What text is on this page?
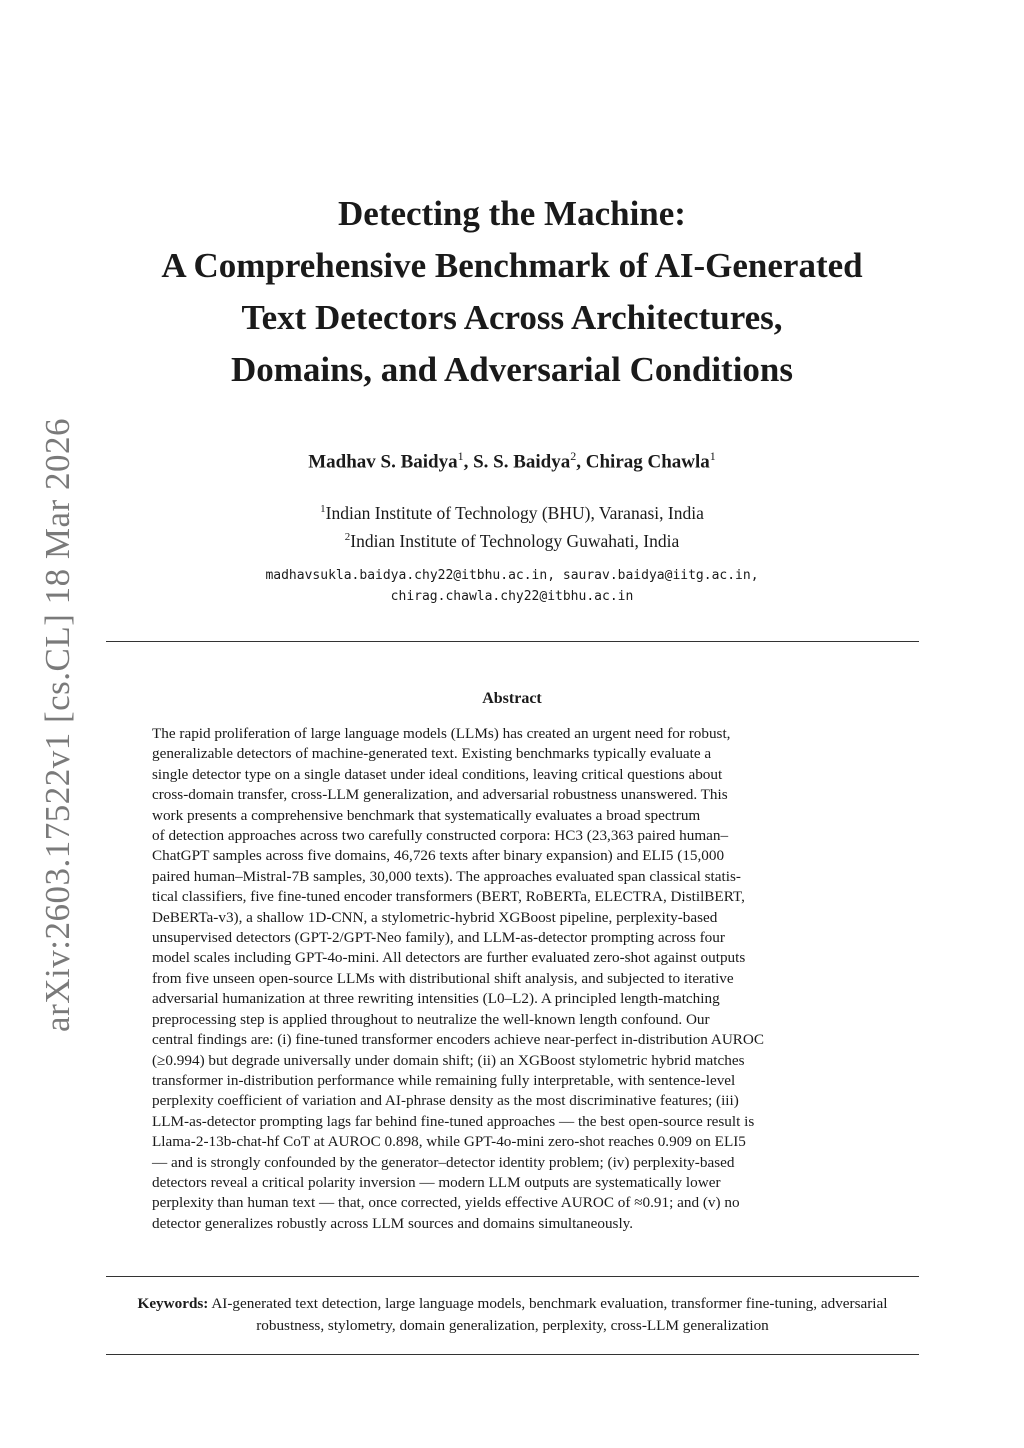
arXiv:2603.17522v1 [cs.CL] 18 Mar 2026
Detecting the Machine:
A Comprehensive Benchmark of AI-Generated
Text Detectors Across Architectures,
Domains, and Adversarial Conditions
Madhav S. Baidya$^1$, S. S. Baidya$^2$, Chirag Chawla$^1$
$^1$Indian Institute of Technology (BHU), Varanasi, India
$^2$Indian Institute of Technology Guwahati, India
madhavsukla.baidya.chy22@itbhu.ac.in, saurav.baidya@iitg.ac.in,
chirag.chawla.chy22@itbhu.ac.in
Abstract

The rapid proliferation of large language models (LLMs) has created an urgent need for robust,
generalizable detectors of machine-generated text. Existing benchmarks typically evaluate a
single detector type on a single dataset under ideal conditions, leaving critical questions about
cross-domain transfer, cross-LLM generalization, and adversarial robustness unanswered. This
work presents a comprehensive benchmark that systematically evaluates a broad spectrum
of detection approaches across two carefully constructed corpora: HC3 (23,363 paired human–
ChatGPT samples across five domains, 46,726 texts after binary expansion) and ELI5 (15,000
paired human–Mistral-7B samples, 30,000 texts). The approaches evaluated span classical statis-
tical classifiers, five fine-tuned encoder transformers (BERT, RoBERTa, ELECTRA, DistilBERT,
DeBERTa-v3), a shallow 1D-CNN, a stylometric-hybrid XGBoost pipeline, perplexity-based
unsupervised detectors (GPT-2/GPT-Neo family), and LLM-as-detector prompting across four
model scales including GPT-4o-mini. All detectors are further evaluated zero-shot against outputs
from five unseen open-source LLMs with distributional shift analysis, and subjected to iterative
adversarial humanization at three rewriting intensities (L0–L2). A principled length-matching
preprocessing step is applied throughout to neutralize the well-known length confound. Our
central findings are: (i) fine-tuned transformer encoders achieve near-perfect in-distribution AUROC
(≥0.994) but degrade universally under domain shift; (ii) an XGBoost stylometric hybrid matches
transformer in-distribution performance while remaining fully interpretable, with sentence-level
perplexity coefficient of variation and AI-phrase density as the most discriminative features; (iii)
LLM-as-detector prompting lags far behind fine-tuned approaches — the best open-source result is
Llama-2-13b-chat-hf CoT at AUROC 0.898, while GPT-4o-mini zero-shot reaches 0.909 on ELI5
— and is strongly confounded by the generator–detector identity problem; (iv) perplexity-based
detectors reveal a critical polarity inversion — modern LLM outputs are systematically lower
perplexity than human text — that, once corrected, yields effective AUROC of ≈0.91; and (v) no
detector generalizes robustly across LLM sources and domains simultaneously.

Keywords: AI-generated text detection, large language models, benchmark evaluation, transformer fine-tuning, adversarial robustness, stylometry, domain generalization, perplexity, cross-LLM generalization
